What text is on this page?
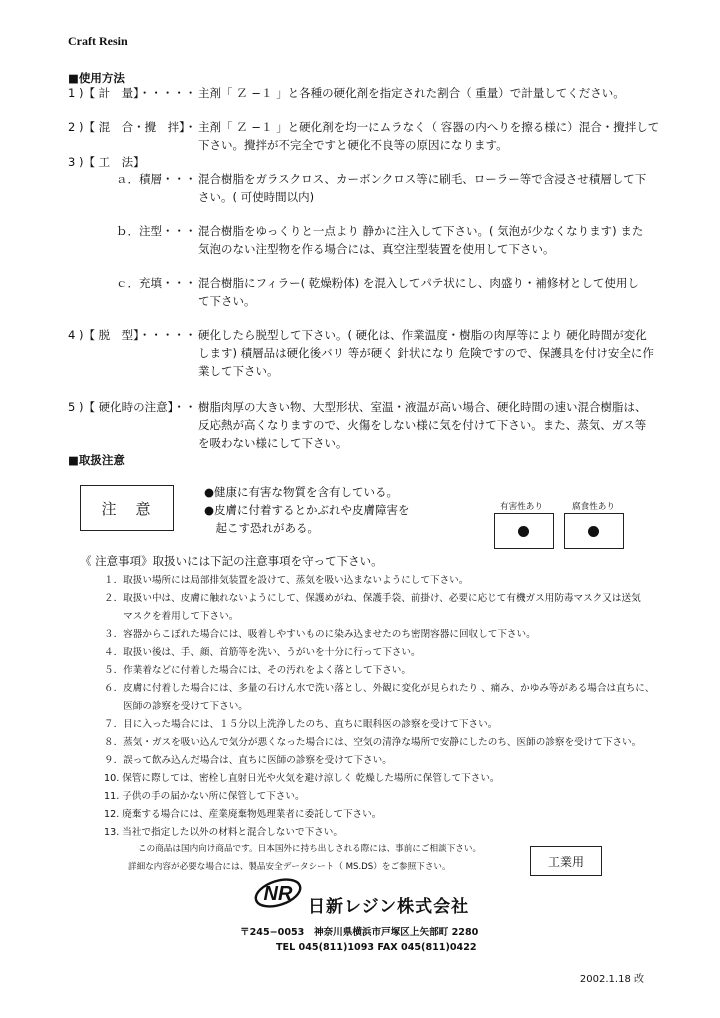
Craft Resin
■使用方法
1 )【 計　量】・・・・・ 主剤「 Ｚ −１ 」と各種の硬化剤を指定された割合（ 重量）で計量してください。
2 )【 混　合・攪　拌】・ 主剤「 Ｚ −１ 」と硬化剤を均一にムラなく（ 容器の内へりを擦る様に）混合・攪拌して
下さい。攪拌が不完全ですと硬化不良等の原因になります。
3 )【 工　法】
ａ．積層・・・ 混合樹脂をガラスクロス、カーボンクロス等に刷毛、ローラー等で含浸させ積層して下
さい。( 可使時間以内)
ｂ．注型・・・ 混合樹脂をゆっくりと一点より 静かに注入して下さい。( 気泡が少なくなります) また
気泡のない注型物を作る場合には、真空注型装置を使用して下さい。
ｃ．充填・・・ 混合樹脂にフィラー( 乾燥粉体) を混入してパテ状にし、肉盛り・補修材として使用し
て下さい。
4 )【 脱　型】・・・・・ 硬化したら脱型して下さい。( 硬化は、作業温度・樹脂の肉厚等により 硬化時間が変化
します) 積層品は硬化後バリ 等が硬く 針状になり 危険ですので、保護具を付け安全に作
業して下さい。
5 )【 硬化時の注意】・・ 樹脂肉厚の大きい物、大型形状、室温・液温が高い場合、硬化時間の速い混合樹脂は、
反応熱が高くなりますので、火傷をしない様に気を付けて下さい。また、蒸気、ガス等
を吸わない様にして下さい。
■取扱注意
注　意
●健康に有害な物質を含有している。
●皮膚に付着するとかぶれや皮膚障害を
　起こす恐れがある。
有害性あり	腐食性あり
《 注意事項》取扱いには下記の注意事項を守って下さい。
１．取扱い場所には局部排気装置を設けて、蒸気を吸い込まないようにして下さい。
２．取扱い中は、皮膚に触れないようにして、保護めがね、保護手袋、前掛け、必要に応じて有機ガス用防毒マスク又は送気
　　マスクを着用して下さい。
３．容器からこぼれた場合には、吸着しやすいものに染み込ませたのち密閉容器に回収して下さい。
４．取扱い後は、手、顔、首筋等を洗い、うがいを十分に行って下さい。
５．作業着などに付着した場合には、その汚れをよく落として下さい。
６．皮膚に付着した場合には、多量の石けん水で洗い落とし、外観に変化が見られたり 、痛み、かゆみ等がある場合は直ちに、
　　医師の診察を受けて下さい。
７．目に入った場合には、１５分以上洗浄したのち、直ちに眼科医の診察を受けて下さい。
８．蒸気・ガスを吸い込んで気分が悪くなった場合には、空気の清浄な場所で安静にしたのち、医師の診察を受けて下さい。
９．誤って飲み込んだ場合は、直ちに医師の診察を受けて下さい。
10. 保管に際しては、密栓し直射日光や火気を避け涼しく 乾燥した場所に保管して下さい。
11. 子供の手の届かない所に保管して下さい。
12. 廃棄する場合には、産業廃棄物処理業者に委託して下さい。
13. 当社で指定した以外の材料と混合しないで下さい。
この商品は国内向け商品です。日本国外に持ち出しされる際には、事前にご相談下さい。
詳細な内容が必要な場合には、製品安全データシート（ MS.DS）をご参照下さい。	工業用
NR
日新レジン株式会社
〒245−0053　神奈川県横浜市戸塚区上矢部町 2280
TEL 045(811)1093 FAX 045(811)0422
2002.1.18 改
